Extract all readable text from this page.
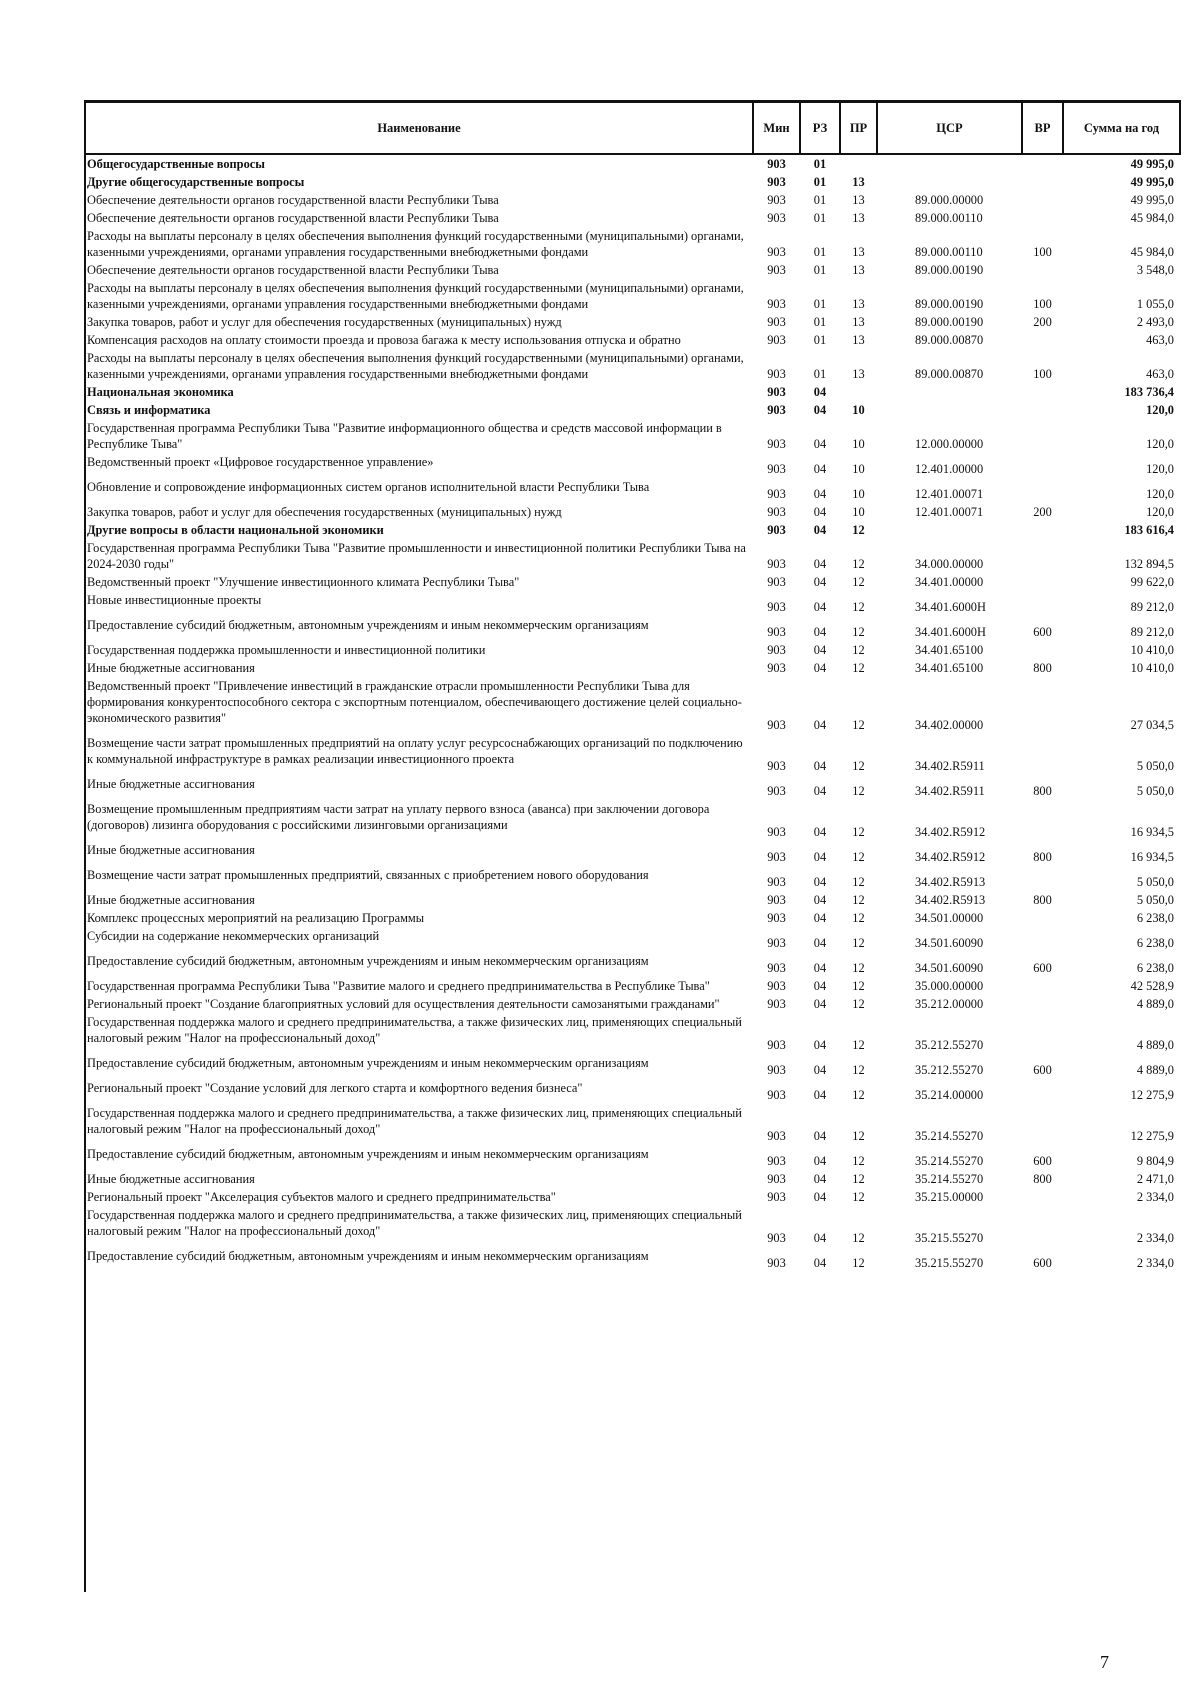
Наименование	Мин	РЗ	ПР	ЦСР	ВР	Сумма на год
Общегосударственные вопросы	903	01				49 995,0
Другие общегосударственные вопросы	903	01	13			49 995,0
Обеспечение деятельности органов государственной власти Республики Тыва	903	01	13	89.000.00000		49 995,0
Обеспечение деятельности органов государственной власти Республики Тыва	903	01	13	89.000.00110		45 984,0
Расходы на выплаты персоналу в целях обеспечения выполнения функций государственными (муниципальными) органами, казенными учреждениями, органами управления государственными внебюджетными фондами	903	01	13	89.000.00110	100	45 984,0
Обеспечение деятельности органов государственной власти Республики Тыва	903	01	13	89.000.00190		3 548,0
Расходы на выплаты персоналу в целях обеспечения выполнения функций государственными (муниципальными) органами, казенными учреждениями, органами управления государственными внебюджетными фондами	903	01	13	89.000.00190	100	1 055,0
Закупка товаров, работ и услуг для обеспечения государственных (муниципальных) нужд	903	01	13	89.000.00190	200	2 493,0
Компенсация расходов на оплату стоимости проезда и провоза багажа к месту использования отпуска и обратно	903	01	13	89.000.00870		463,0
Расходы на выплаты персоналу в целях обеспечения выполнения функций государственными (муниципальными) органами, казенными учреждениями, органами управления государственными внебюджетными фондами	903	01	13	89.000.00870	100	463,0
Национальная экономика	903	04				183 736,4
Связь и информатика	903	04	10			120,0
Государственная программа Республики Тыва "Развитие информационного общества и средств массовой информации в Республике Тыва"	903	04	10	12.000.00000		120,0
Ведомственный проект «Цифровое государственное управление»	903	04	10	12.401.00000		120,0
Обновление и сопровождение информационных систем органов исполнительной власти Республики Тыва	903	04	10	12.401.00071		120,0
Закупка товаров, работ и услуг для обеспечения государственных (муниципальных) нужд	903	04	10	12.401.00071	200	120,0
Другие вопросы в области национальной экономики	903	04	12			183 616,4
Государственная программа Республики Тыва "Развитие промышленности и инвестиционной политики Республики Тыва на 2024-2030 годы"	903	04	12	34.000.00000		132 894,5
Ведомственный проект "Улучшение инвестиционного климата Республики Тыва"	903	04	12	34.401.00000		99 622,0
Новые инвестиционные проекты	903	04	12	34.401.6000Н		89 212,0
Предоставление субсидий бюджетным, автономным учреждениям и иным некоммерческим организациям	903	04	12	34.401.6000Н	600	89 212,0
Государственная поддержка промышленности и инвестиционной политики	903	04	12	34.401.65100		10 410,0
Иные бюджетные ассигнования	903	04	12	34.401.65100	800	10 410,0
Ведомственный проект "Привлечение инвестиций в гражданские отрасли промышленности Республики Тыва для формирования конкурентоспособного сектора с экспортным потенциалом, обеспечивающего достижение целей социально-экономического развития"	903	04	12	34.402.00000		27 034,5
Возмещение части затрат промышленных предприятий на оплату услуг ресурсоснабжающих организаций по подключению к коммунальной инфраструктуре в рамках реализации инвестиционного проекта	903	04	12	34.402.R5911		5 050,0
Иные бюджетные ассигнования	903	04	12	34.402.R5911	800	5 050,0
Возмещение промышленным предприятиям части затрат на уплату первого взноса (аванса) при заключении договора (договоров) лизинга оборудования с российскими лизинговыми организациями	903	04	12	34.402.R5912		16 934,5
Иные бюджетные ассигнования	903	04	12	34.402.R5912	800	16 934,5
Возмещение части затрат промышленных предприятий, связанных с приобретением нового оборудования	903	04	12	34.402.R5913		5 050,0
Иные бюджетные ассигнования	903	04	12	34.402.R5913	800	5 050,0
Комплекс процессных мероприятий на реализацию Программы	903	04	12	34.501.00000		6 238,0
Субсидии на содержание некоммерческих организаций	903	04	12	34.501.60090		6 238,0
Предоставление субсидий бюджетным, автономным учреждениям и иным некоммерческим организациям	903	04	12	34.501.60090	600	6 238,0
Государственная программа Республики Тыва "Развитие малого и среднего предпринимательства в Республике Тыва"	903	04	12	35.000.00000		42 528,9
Региональный проект "Создание благоприятных условий для осуществления деятельности самозанятыми гражданами"	903	04	12	35.212.00000		4 889,0
Государственная поддержка малого и среднего предпринимательства, а также физических лиц, применяющих специальный налоговый режим "Налог на профессиональный доход"	903	04	12	35.212.55270		4 889,0
Предоставление субсидий бюджетным, автономным учреждениям и иным некоммерческим организациям	903	04	12	35.212.55270	600	4 889,0
Региональный проект "Создание условий для легкого старта и комфортного ведения бизнеса"	903	04	12	35.214.00000		12 275,9
Государственная поддержка малого и среднего предпринимательства, а также физических лиц, применяющих специальный налоговый режим "Налог на профессиональный доход"	903	04	12	35.214.55270		12 275,9
Предоставление субсидий бюджетным, автономным учреждениям и иным некоммерческим организациям	903	04	12	35.214.55270	600	9 804,9
Иные бюджетные ассигнования	903	04	12	35.214.55270	800	2 471,0
Региональный проект "Акселерация субъектов малого и среднего предпринимательства"	903	04	12	35.215.00000		2 334,0
Государственная поддержка малого и среднего предпринимательства, а также физических лиц, применяющих специальный налоговый режим "Налог на профессиональный доход"	903	04	12	35.215.55270		2 334,0
Предоставление субсидий бюджетным, автономным учреждениям и иным некоммерческим организациям	903	04	12	35.215.55270	600	2 334,0
7
